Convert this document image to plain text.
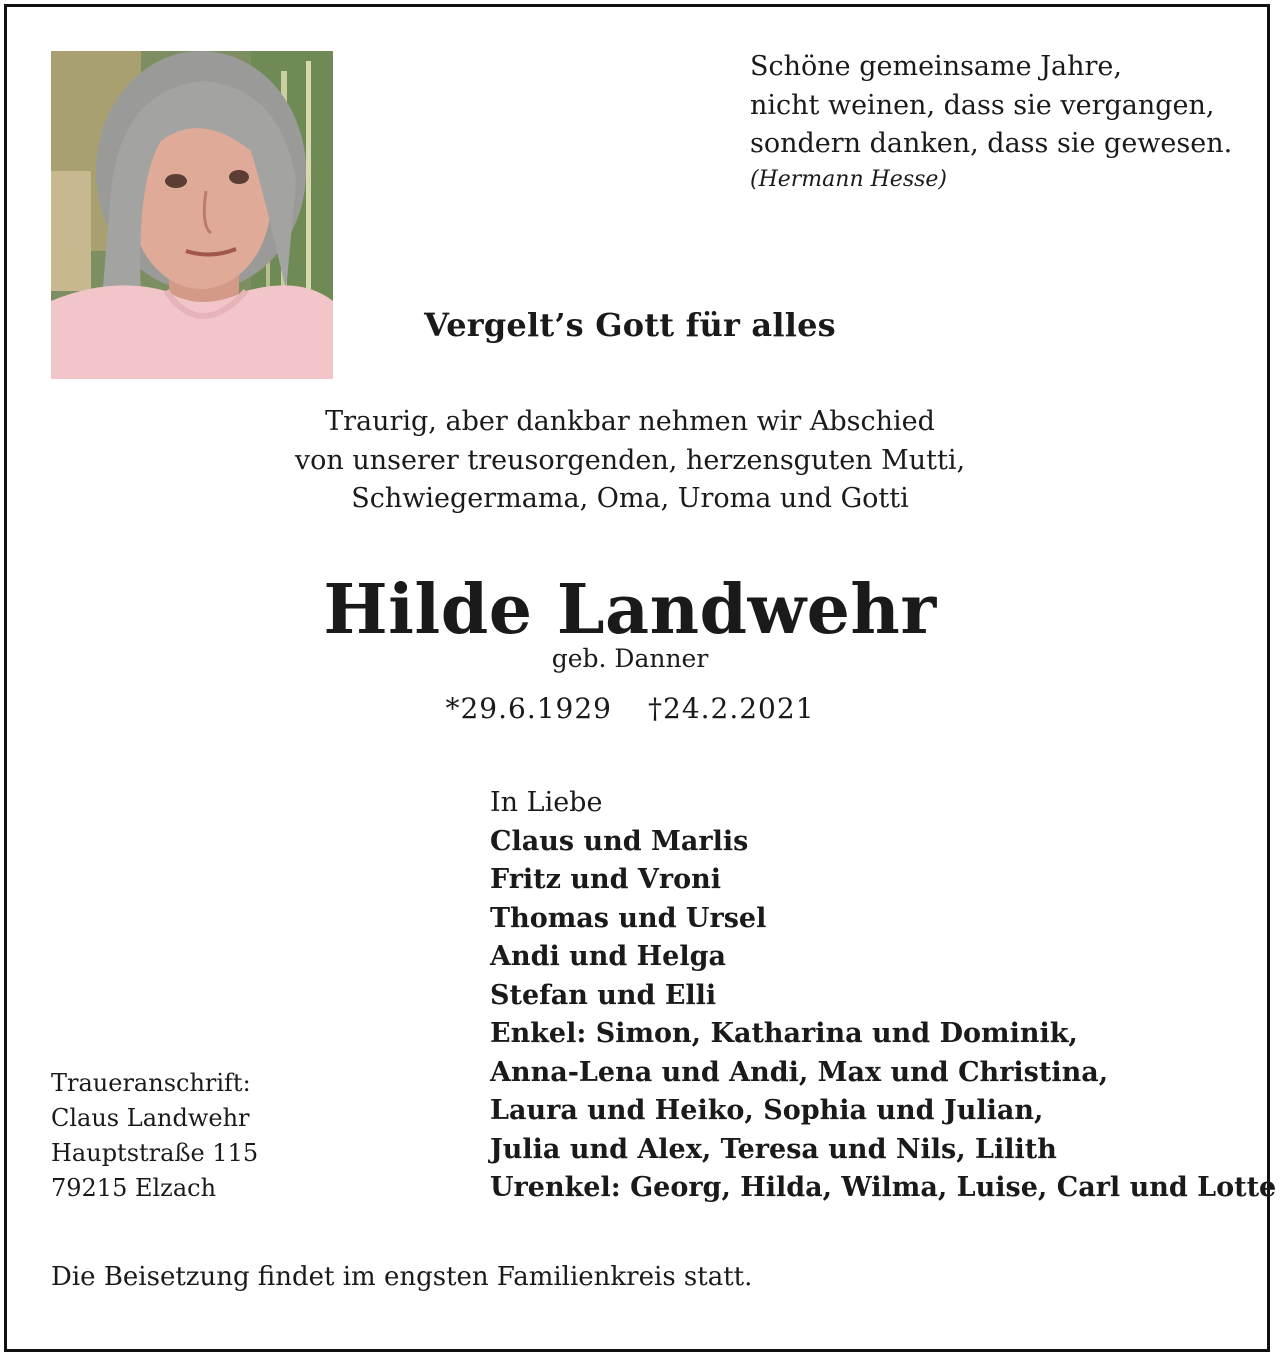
Schöne gemeinsame Jahre,
nicht weinen, dass sie vergangen,
sondern danken, dass sie gewesen.
(Hermann Hesse)
Vergelt’s Gott für alles
Traurig, aber dankbar nehmen wir Abschied
von unserer treusorgenden, herzensguten Mutti,
Schwiegermama, Oma, Uroma und Gotti
Hilde Landwehr
geb. Danner
*29.6.1929 †24.2.2021
In Liebe
Claus und Marlis
Fritz und Vroni
Thomas und Ursel
Andi und Helga
Stefan und Elli
Enkel: Simon, Katharina und Dominik,
Anna-Lena und Andi, Max und Christina,
Laura und Heiko, Sophia und Julian,
Julia und Alex, Teresa und Nils, Lilith
Urenkel: Georg, Hilda, Wilma, Luise, Carl und Lotte
Traueranschrift:
Claus Landwehr
Hauptstraße 115
79215 Elzach
Die Beisetzung findet im engsten Familienkreis statt.
